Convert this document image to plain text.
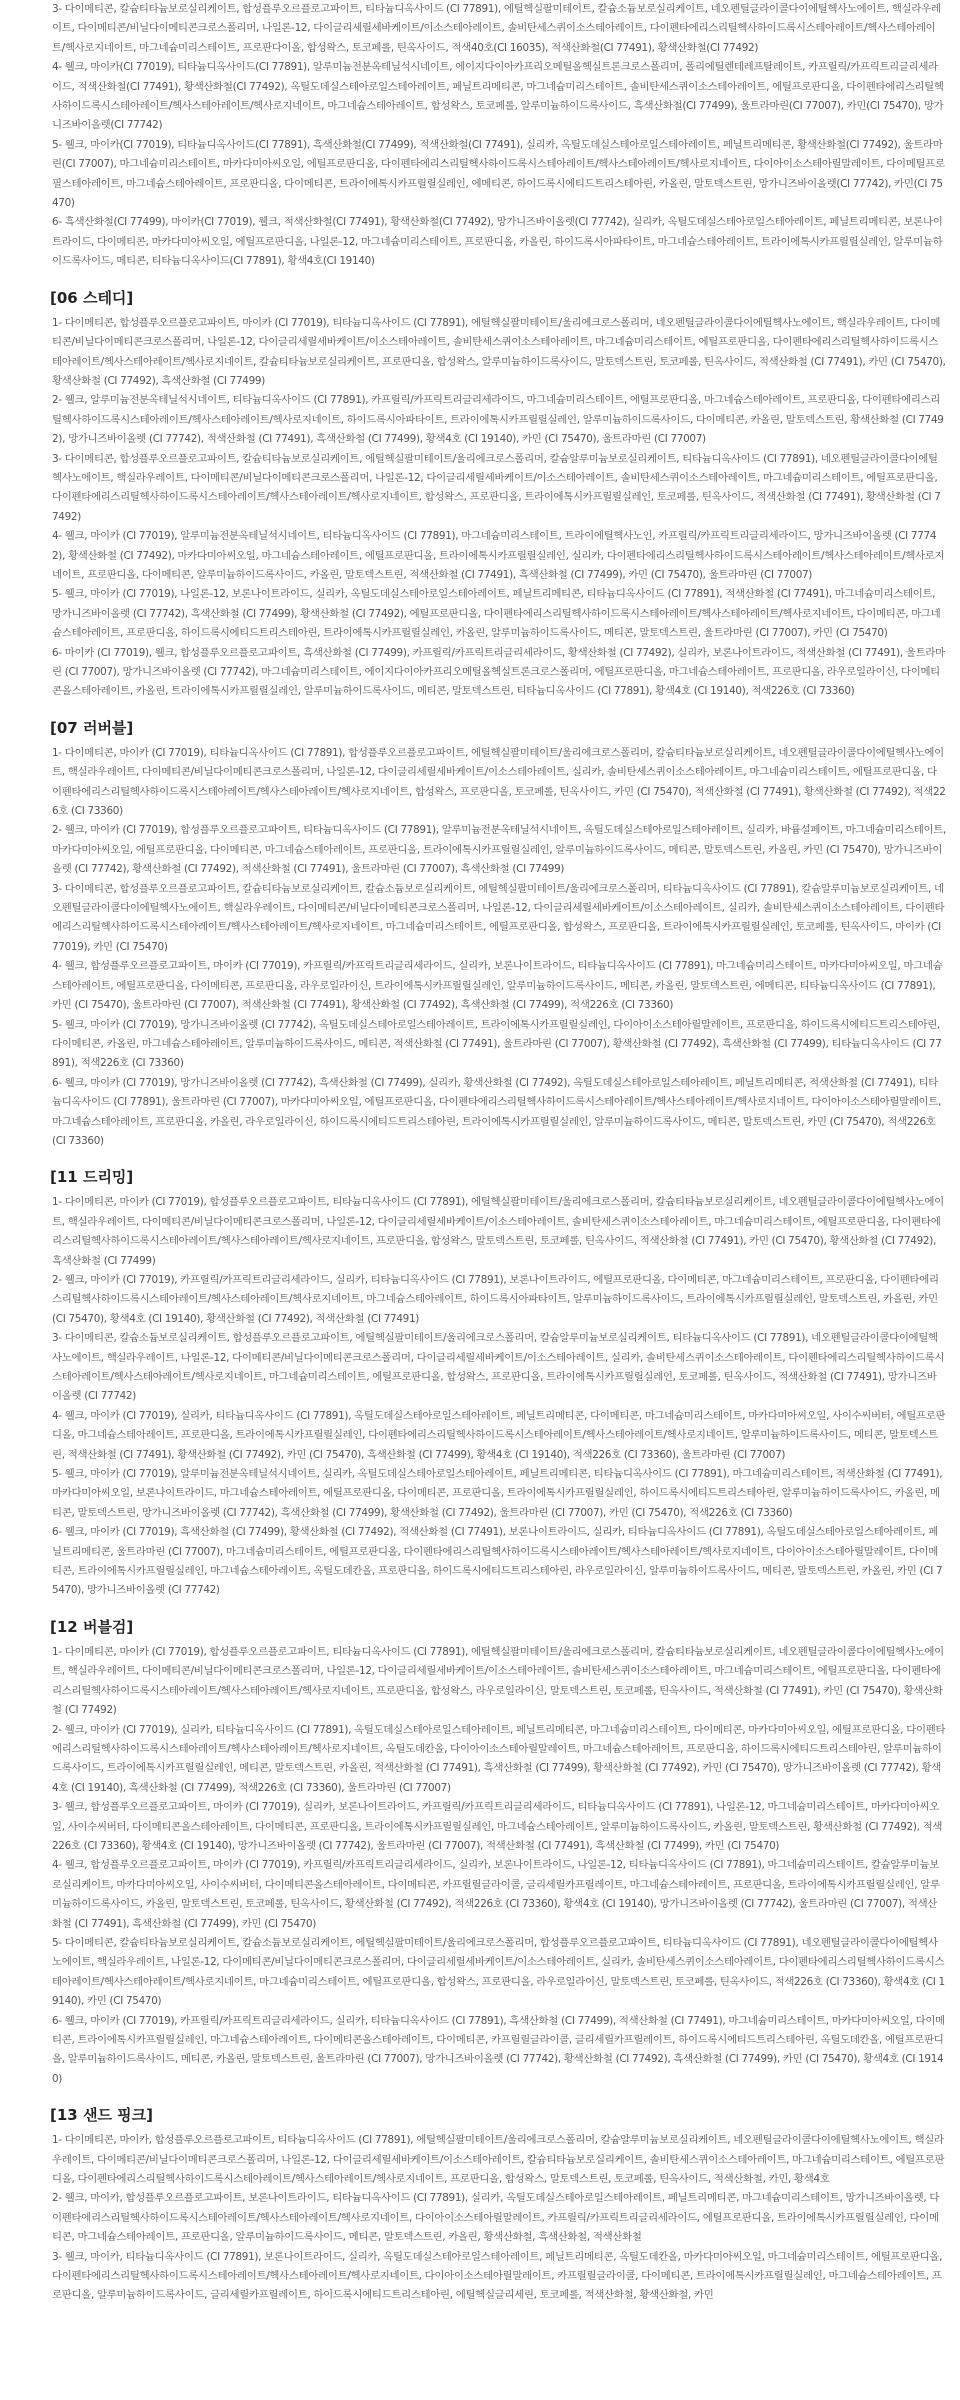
3- 다이메티콘, 칼슘티타늄보로실리케이트, 합성플루오르플로고파이트, 티타늄디옥사이드 (CI 77891), 에틸헥실팔미테이트, 칼슘소듐보로실리케이트, 네오펜틸글라이콜다이에틸헥사노에이트, 핵실라우레이트, 다이메티콘/비닐다이메티콘크로스폴리머, 나일론-12, 다이글리세릴세바케이트/이소스테아레이트, 솔비탄세스퀴이소스테아레이트, 다이펜타에리스리틸헥사하이드록시스테아레이트/헥사스테아레이트/헥사로지네이트, 마그네슘미리스테이트, 프로판다이올, 합성왁스, 토코페롤, 틴옥사이드, 적색40호(CI 16035), 적색산화철(CI 77491), 황색산화철(CI 77492)

4- 웰크, 마이카(CI 77019), 티타늄디옥사이드(CI 77891), 알루미늄전분옥테닐석시네이트, 에이지다이아카프리오메틸올헥실트론크로스폴리머, 폴리에틸렌테레프탈레이트, 카프릴릭/카프릭트리글리세라이드, 적색산화철(CI 77491), 황색산화철(CI 77492), 옥틸도데실스테아로일스테아레이트, 페닐트리메티콘, 마그네슘미리스테이트, 솔비탄세스퀴이소스테아레이트, 에틸프로판디올, 다이펜타에리스리틸헥사하이드록시스테아레이트/헥사스테아레이트/헥사로지네이트, 마그네슘스테아레이트, 합성왁스, 토코페롤, 알루미늄하이드록사이드, 흑색산화철(CI 77499), 울트라마린(CI 77007), 카민(CI 75470), 망가니즈바이올렛(CI 77742)

5- 웰크, 마이카(CI 77019), 티타늄디옥사이드(CI 77891), 흑색산화철(CI 77499), 적색산화철(CI 77491), 실리카, 옥틸도데실스테아로일스테아레이트, 페닐트리메티콘, 황색산화철(CI 77492), 울트라마린(CI 77007), 마그네슘미리스테이트, 마카다미아씨오일, 에틸프로판디올, 다이펜타에리스리틸헥사하이드록시스테아레이트/헥사스테아레이트/헥사로지네이트, 다이아이소스테아릴말레이트, 다이메틸프로필스테아레이트, 마그네슘스테아레이트, 프로판디올, 다이메티콘, 트라이에톡시카프릴릴실레인, 에메티콘, 하이드록시에티드트리스테아린, 카올린, 말토덱스트린, 망가니즈바이올렛(CI 77742), 카민(CI 75470)

6- 흑색산화철(CI 77499), 마이카(CI 77019), 웰크, 적색산화철(CI 77491), 황색산화철(CI 77492), 망가니즈바이올렛(CI 77742), 실리카, 옥틸도데실스테아로일스테아레이트, 페닐트리메티콘, 보론나이트라이드, 다이메티콘, 마카다미아씨오일, 에틸프로판디올, 나일론-12, 마그네슘미리스테이트, 프로판디올, 카올린, 하이드록시아파타이트, 마그네슘스테아레이트, 트라이에톡시카프릴릴실레인, 알루미늄하이드록사이드, 메티콘, 티타늄디옥사이드(CI 77891), 황색4호(CI 19140)

[06 스테디]

1- 다이메티콘, 합성플루오르플로고파이트, 마이카 (CI 77019), 티타늄디옥사이드 (CI 77891), 에틸헥실팔미테이트/울리에크로스폴리머, 네오펜틸글라이콜다이에틸헥사노에이트, 핵실라우레이트, 다이메티콘/비닐다이메티콘크로스폴리머, 나일론-12, 다이글리세릴세바케이트/이소스테아레이트, 솔비탄세스퀴이소스테아레이트, 마그네슘미리스테이트, 에틸프로판디올, 다이펜타에리스리틸헥사하이드록시스테아레이트/헥사스테아레이트/헥사로지네이트, 칼슘티타늄보로실리케이트, 프로판디올, 합성왁스, 알루미늄하이드록사이드, 말토덱스트린, 토코페롤, 틴옥사이드, 적색산화철 (CI 77491), 카민 (CI 75470), 황색산화철 (CI 77492), 흑색산화철 (CI 77499)

2- 웰크, 알루미늄전분옥테닐석시네이트, 티타늄디옥사이드 (CI 77891), 카프릴릭/카프릭트리글리세라이드, 마그네슘미리스테이트, 에틸프로판디올, 마그네슘스테아레이트, 프로판디올, 다이펜타에리스리틸헥사하이드록시스테아레이트/헥사스테아레이트/헥사로지네이트, 하이드록시아파타이트, 트라이에톡시카프릴릴실레인, 알루미늄하이드록사이드, 다이메티콘, 카올린, 말토덱스트린, 황색산화철 (CI 77492), 망가니즈바이올렛 (CI 77742), 적색산화철 (CI 77491), 흑색산화철 (CI 77499), 황색4호 (CI 19140), 카민 (CI 75470), 울트라마린 (CI 77007)

3- 다이메티콘, 합성플루오르플로고파이트, 칼슘티타늄보로실리케이트, 에틸헥실팔미테이트/울리에크로스폴리머, 칼슘알루미늄보로실리케이트, 티타늄디옥사이드 (CI 77891), 네오펜틸글라이콜다이에틸헥사노에이트, 핵실라우레이트, 다이메티콘/비닐다이메티콘크로스폴리머, 나일론-12, 다이글리세릴세바케이트/이소스테아레이트, 솔비탄세스퀴이소스테아레이트, 마그네슘미리스테이트, 에틸프로판디올, 다이펜타에리스리틸헥사하이드록시스테아레이트/헥사스테아레이트/헥사로지네이트, 합성왁스, 프로판디올, 트라이에톡시카프릴릴실레인, 토코페롤, 틴옥사이드, 적색산화철 (CI 77491), 황색산화철 (CI 77492)

4- 웰크, 마이카 (CI 77019), 알루미늄전분옥테닐석시네이트, 티타늄디옥사이드 (CI 77891), 마그네슘미리스테이트, 트라이에틸헥사노인, 카프릴릭/카프릭트리글리세라이드, 망가니즈바이올렛 (CI 77742), 황색산화철 (CI 77492), 마카다미아씨오일, 마그네슘스테아레이트, 에틸프로판디올, 트라이에톡시카프릴릴실레인, 실리카, 다이펜타에리스리틸헥사하이드록시스테아레이트/헥사스테아레이트/헥사로지네이트, 프로판디올, 다이메티콘, 알루미늄하이드록사이드, 카올린, 말토덱스트린, 적색산화철 (CI 77491), 흑색산화철 (CI 77499), 카민 (CI 75470), 울트라마린 (CI 77007)

5- 웰크, 마이카 (CI 77019), 나일론-12, 보론나이트라이드, 실리카, 옥틸도데실스테아로일스테아레이트, 페닐트리메티콘, 티타늄디옥사이드 (CI 77891), 적색산화철 (CI 77491), 마그네슘미리스테이트, 망가니즈바이올렛 (CI 77742), 흑색산화철 (CI 77499), 황색산화철 (CI 77492), 에틸프로판디올, 다이펜타에리스리틸헥사하이드록시스테아레이트/헥사스테아레이트/헥사로지네이트, 다이메티콘, 마그네슘스테아레이트, 프로판디올, 하이드록시에티드트리스테아린, 트라이에톡시카프릴릴실레인, 카올린, 알루미늄하이드록사이드, 메티콘, 말토덱스트린, 울트라마린 (CI 77007), 카민 (CI 75470)

6- 마이카 (CI 77019), 웰크, 합성플루오르플로고파이트, 흑색산화철 (CI 77499), 카프릴릭/카프릭트리글리세라이드, 황색산화철 (CI 77492), 실리카, 보론나이트라이드, 적색산화철 (CI 77491), 울트라마린 (CI 77007), 망가니즈바이올렛 (CI 77742), 마그네슘미리스테이트, 에이지다이아카프리오메틸올헥실트론크로스폴리머, 에틸프로판디올, 마그네슘스테아레이트, 프로판디올, 라우로일라이신, 다이메티콘올스테아레이트, 카올린, 트라이에톡시카프릴릴실레인, 알루미늄하이드록사이드, 메티콘, 말토덱스트린, 티타늄디옥사이드 (CI 77891), 황색4호 (CI 19140), 적색226호 (CI 73360)

[07 러버블]

1- 다이메티콘, 마이카 (CI 77019), 티타늄디옥사이드 (CI 77891), 합성플루오르플로고파이트, 에틸헥실팔미테이트/울리에크로스폴리머, 칼슘티타늄보로실리케이트, 네오펜틸글라이콜다이에틸헥사노에이트, 핵실라우레이트, 다이메티콘/비닐다이메티콘크로스폴리머, 나일론-12, 다이글리세릴세바케이트/이소스테아레이트, 실리카, 솔비탄세스퀴이소스테아레이트, 마그네슘미리스테이트, 에틸프로판디올, 다이펜타에리스리틸헥사하이드록시스테아레이트/헥사스테아레이트/헥사로지네이트, 합성왁스, 프로판디올, 토코페롤, 틴옥사이드, 카민 (CI 75470), 적색산화철 (CI 77491), 황색산화철 (CI 77492), 적색226호 (CI 73360)

2- 웰크, 마이카 (CI 77019), 합성플루오르플로고파이트, 티타늄디옥사이드 (CI 77891), 알루미늄전분옥테닐석시네이트, 옥틸도데실스테아로일스테아레이트, 실리카, 바륨설페이트, 마그네슘미리스테이트, 마카다미아씨오일, 에틸프로판디올, 다이메티콘, 마그네슘스테아레이트, 프로판디올, 트라이에톡시카프릴릴실레인, 알루미늄하이드록사이드, 메티콘, 말토덱스트린, 카올린, 카민 (CI 75470), 망가니즈바이올렛 (CI 77742), 황색산화철 (CI 77492), 적색산화철 (CI 77491), 울트라마린 (CI 77007), 흑색산화철 (CI 77499)

3- 다이메티콘, 합성플루오르플로고파이트, 칼슘티타늄보로실리케이트, 칼슘소듐보로실리케이트, 에틸헥실팔미테이트/울리에크로스폴리머, 티타늄디옥사이드 (CI 77891), 칼슘알루미늄보로실리케이트, 네오펜틸글라이콜다이에틸헥사노에이트, 핵실라우레이트, 다이메티콘/비닐다이메티콘크로스폴리머, 나일론-12, 다이글리세릴세바케이트/이소스테아레이트, 실리카, 솔비탄세스퀴이소스테아레이트, 다이펜타에리스리틸헥사하이드록시스테아레이트/헥사스테아레이트/헥사로지네이트, 마그네슘미리스테이트, 에틸프로판디올, 합성왁스, 프로판디올, 트라이에톡시카프릴릴실레인, 토코페롤, 틴옥사이드, 마이카 (CI 77019), 카민 (CI 75470)

4- 웰크, 합성플루오르플로고파이트, 마이카 (CI 77019), 카프릴릭/카프릭트리글리세라이드, 실리카, 보론나이트라이드, 티타늄디옥사이드 (CI 77891), 마그네슘미리스테이트, 마카다미아씨오일, 마그네슘스테아레이트, 에틸프로판디올, 다이메티콘, 프로판디올, 라우로일라이신, 트라이에톡시카프릴릴실레인, 알루미늄하이드록사이드, 메티콘, 카올린, 말토덱스트린, 에메티콘, 티타늄디옥사이드 (CI 77891), 카민 (CI 75470), 울트라마린 (CI 77007), 적색산화철 (CI 77491), 황색산화철 (CI 77492), 흑색산화철 (CI 77499), 적색226호 (CI 73360)

5- 웰크, 마이카 (CI 77019), 망가니즈바이올렛 (CI 77742), 옥틸도데실스테아로일스테아레이트, 트라이에톡시카프릴릴실레인, 다이아이소스테아릴말레이트, 프로판디올, 하이드록시에티드트리스테아린, 다이메티콘, 카올린, 마그네슘스테아레이트, 알루미늄하이드록사이드, 메티콘, 적색산화철 (CI 77491), 울트라마린 (CI 77007), 황색산화철 (CI 77492), 흑색산화철 (CI 77499), 티타늄디옥사이드 (CI 77891), 적색226호 (CI 73360)

6- 웰크, 마이카 (CI 77019), 망가니즈바이올렛 (CI 77742), 흑색산화철 (CI 77499), 실리카, 황색산화철 (CI 77492), 옥틸도데실스테아로일스테아레이트, 페닐트리메티콘, 적색산화철 (CI 77491), 티타늄디옥사이드 (CI 77891), 울트라마린 (CI 77007), 마카다미아씨오일, 에틸프로판디올, 다이펜타에리스리틸헥사하이드록시스테아레이트/헥사스테아레이트/헥사로지네이트, 다이아이소스테아릴말레이트, 마그네슘스테아레이트, 프로판디올, 카올린, 라우로일라이신, 하이드록시에티드트리스테아린, 트라이에톡시카프릴릴실레인, 알루미늄하이드록사이드, 메티콘, 말토덱스트린, 카민 (CI 75470), 적색226호 (CI 73360)

[11 드리밍]

1- 다이메티콘, 마이카 (CI 77019), 합성플루오르플로고파이트, 티타늄디옥사이드 (CI 77891), 에틸헥실팔미테이트/울리에크로스폴리머, 칼슘티타늄보로실리케이트, 네오펜틸글라이콜다이에틸헥사노에이트, 핵실라우레이트, 다이메티콘/비닐다이메티콘크로스폴리머, 나일론-12, 다이글리세릴세바케이트/이소스테아레이트, 솔비탄세스퀴이소스테아레이트, 마그네슘미리스테이트, 에틸프로판디올, 다이펜타에리스리틸헥사하이드록시스테아레이트/헥사스테아레이트/헥사로지네이트, 프로판디올, 합성왁스, 말토덱스트린, 토코페롤, 틴옥사이드, 적색산화철 (CI 77491), 카민 (CI 75470), 황색산화철 (CI 77492), 흑색산화철 (CI 77499)

2- 웰크, 마이카 (CI 77019), 카프릴릭/카프릭트리글리세라이드, 실리카, 티타늄디옥사이드 (CI 77891), 보론나이트라이드, 에틸프로판디올, 다이메티콘, 마그네슘미리스테이트, 프로판디올, 다이펜타에리스리틸헥사하이드록시스테아레이트/헥사스테아레이트/헥사로지네이트, 마그네슘스테아레이트, 하이드록시아파타이트, 알루미늄하이드록사이드, 트라이에톡시카프릴릴실레인, 말토덱스트린, 카올린, 카민 (CI 75470), 황색4호 (CI 19140), 황색산화철 (CI 77492), 적색산화철 (CI 77491)

3- 다이메티콘, 칼슘소듐보로실리케이트, 합성플루오르플로고파이트, 에틸헥실팔미테이트/울리에크로스폴리머, 칼슘알루미늄보로실리케이트, 티타늄디옥사이드 (CI 77891), 네오펜틸글라이콜다이에틸헥사노에이트, 핵실라우레이트, 나일론-12, 다이메티콘/비닐다이메티콘크로스폴리머, 다이글리세릴세바케이트/이소스테아레이트, 실리카, 솔비탄세스퀴이소스테아레이트, 다이펜타에리스리틸헥사하이드록시스테아레이트/헥사스테아레이트/헥사로지네이트, 마그네슘미리스테이트, 에틸프로판디올, 합성왁스, 프로판디올, 트라이에톡시카프릴릴실레인, 토코페롤, 틴옥사이드, 적색산화철 (CI 77491), 망가니즈바이올렛 (CI 77742)

4- 웰크, 마이카 (CI 77019), 실리카, 티타늄디옥사이드 (CI 77891), 옥틸도데실스테아로일스테아레이트, 페닐트리메티콘, 다이메티콘, 마그네슘미리스테이트, 마카다미아씨오일, 사이수씨버터, 에틸프로판디올, 마그네슘스테아레이트, 프로판디올, 트라이에톡시카프릴릴실레인, 다이펜타에리스리틸헥사하이드록시스테아레이트/헥사스테아레이트/헥사로지네이트, 알루미늄하이드록사이드, 메티콘, 말토덱스트린, 적색산화철 (CI 77491), 황색산화철 (CI 77492), 카민 (CI 75470), 흑색산화철 (CI 77499), 황색4호 (CI 19140), 적색226호 (CI 73360), 울트라마린 (CI 77007)

5- 웰크, 마이카 (CI 77019), 알루미늄전분옥테닐석시네이트, 실리카, 옥틸도데실스테아로일스테아레이트, 페닐트리메티콘, 티타늄디옥사이드 (CI 77891), 마그네슘미리스테이트, 적색산화철 (CI 77491), 마카다미아씨오일, 보론나이트라이드, 마그네슘스테아레이트, 에틸프로판디올, 다이메티콘, 프로판디올, 트라이에톡시카프릴릴실레인, 하이드록시에티드트리스테아린, 알루미늄하이드록사이드, 카올린, 메티콘, 말토덱스트린, 망가니즈바이올렛 (CI 77742), 흑색산화철 (CI 77499), 황색산화철 (CI 77492), 울트라마린 (CI 77007), 카민 (CI 75470), 적색226호 (CI 73360)

6- 웰크, 마이카 (CI 77019), 흑색산화철 (CI 77499), 황색산화철 (CI 77492), 적색산화철 (CI 77491), 보론나이트라이드, 실리카, 티타늄디옥사이드 (CI 77891), 옥틸도데실스테아로일스테아레이트, 페닐트리메티콘, 울트라마린 (CI 77007), 마그네슘미리스테이트, 에틸프로판디올, 다이펜타에리스리틸헥사하이드록시스테아레이트/헥사스테아레이트/헥사로지네이트, 다이아이소스테아릴말레이트, 다이메티콘, 트라이에톡시카프릴릴실레인, 마그네슘스테아레이트, 옥틸도데칸올, 프로판디올, 하이드록시에티드트리스테아린, 라우로일라이신, 알루미늄하이드록사이드, 메티콘, 말토덱스트린, 카올린, 카민 (CI 75470), 망가니즈바이올렛 (CI 77742)

[12 버블검]

1- 다이메티콘, 마이카 (CI 77019), 합성플루오르플로고파이트, 티타늄디옥사이드 (CI 77891), 에틸헥실팔미테이트/울리에크로스폴리머, 칼슘티타늄보로실리케이트, 네오펜틸글라이콜다이에틸헥사노에이트, 핵실라우레이트, 다이메티콘/비닐다이메티콘크로스폴리머, 나일론-12, 다이글리세릴세바케이트/이소스테아레이트, 솔비탄세스퀴이소스테아레이트, 마그네슘미리스테이트, 에틸프로판디올, 다이펜타에리스리틸헥사하이드록시스테아레이트/헥사스테아레이트/헥사로지네이트, 프로판디올, 합성왁스, 라우로일라이신, 말토덱스트린, 토코페롤, 틴옥사이드, 적색산화철 (CI 77491), 카민 (CI 75470), 황색산화철 (CI 77492)

2- 웰크, 마이카 (CI 77019), 실리카, 티타늄디옥사이드 (CI 77891), 옥틸도데실스테아로일스테아레이트, 페닐트리메티콘, 마그네슘미리스테이트, 다이메티콘, 마카다미아씨오일, 에틸프로판디올, 다이펜타에리스리틸헥사하이드록시스테아레이트/헥사스테아레이트/헥사로지네이트, 옥틸도데칸올, 다이아이소스테아릴말레이트, 마그네슘스테아레이트, 프로판디올, 하이드록시에티드트리스테아린, 알루미늄하이드록사이드, 트라이에톡시카프릴릴실레인, 메티콘, 말토덱스트린, 카올린, 적색산화철 (CI 77491), 흑색산화철 (CI 77499), 황색산화철 (CI 77492), 카민 (CI 75470), 망가니즈바이올렛 (CI 77742), 황색4호 (CI 19140), 흑색산화철 (CI 77499), 적색226호 (CI 73360), 울트라마린 (CI 77007)

3- 웰크, 합성플루오르플로고파이트, 마이카 (CI 77019), 실리카, 보론나이트라이드, 카프릴릭/카프릭트리글리세라이드, 티타늄디옥사이드 (CI 77891), 나일론-12, 마그네슘미리스테이트, 마카다미아씨오일, 사이수씨버터, 다이메티콘올스테아레이트, 다이메티콘, 프로판디올, 트라이에톡시카프릴릴실레인, 마그네슘스테아레이트, 알루미늄하이드록사이드, 카올린, 말토덱스트린, 황색산화철 (CI 77492), 적색226호 (CI 73360), 황색4호 (CI 19140), 망가니즈바이올렛 (CI 77742), 울트라마린 (CI 77007), 적색산화철 (CI 77491), 흑색산화철 (CI 77499), 카민 (CI 75470)

4- 웰크, 합성플루오르플로고파이트, 마이카 (CI 77019), 카프릴릭/카프릭트리글리세라이드, 실리카, 보론나이트라이드, 나일론-12, 티타늄디옥사이드 (CI 77891), 마그네슘미리스테이트, 칼슘알루미늄보로실리케이트, 마카다미아씨오일, 사이수씨버터, 다이메티콘올스테아레이트, 다이메티콘, 카프릴릴글라이콜, 글리세릴카프릴레이트, 마그네슘스테아레이트, 프로판디올, 트라이에톡시카프릴릴실레인, 알루미늄하이드록사이드, 카올린, 말토덱스트린, 토코페롤, 틴옥사이드, 황색산화철 (CI 77492), 적색226호 (CI 73360), 황색4호 (CI 19140), 망가니즈바이올렛 (CI 77742), 울트라마린 (CI 77007), 적색산화철 (CI 77491), 흑색산화철 (CI 77499), 카민 (CI 75470)

5- 다이메티콘, 칼슘티타늄보로실리케이트, 칼슘소듐보로실리케이트, 에틸헥실팔미테이트/울리에크로스폴리머, 합성플루오르플로고파이트, 티타늄디옥사이드 (CI 77891), 네오펜틸글라이콜다이에틸헥사노에이트, 핵실라우레이트, 나일론-12, 다이메티콘/비닐다이메티콘크로스폴리머, 다이글리세릴세바케이트/이소스테아레이트, 실리카, 솔비탄세스퀴이소스테아레이트, 다이펜타에리스리틸헥사하이드록시스테아레이트/헥사스테아레이트/헥사로지네이트, 마그네슘미리스테이트, 에틸프로판디올, 합성왁스, 프로판디올, 라우로일라이신, 말토덱스트린, 토코페롤, 틴옥사이드, 적색226호 (CI 73360), 황색4호 (CI 19140), 카민 (CI 75470)

6- 웰크, 마이카 (CI 77019), 카프릴릭/카프릭트리글리세라이드, 실리카, 티타늄디옥사이드 (CI 77891), 흑색산화철 (CI 77499), 적색산화철 (CI 77491), 마그네슘미리스테이트, 마카다미아씨오일, 다이메티콘, 트라이에톡시카프릴릴실레인, 마그네슘스테아레이트, 다이메티콘올스테아레이트, 다이메티콘, 카프릴릴글라이콜, 글리세릴카프릴레이트, 하이드록시에티드트리스테아린, 옥틸도데칸올, 에틸프로판디올, 알루미늄하이드록사이드, 메티콘, 카올린, 말토덱스트린, 울트라마린 (CI 77007), 망가니즈바이올렛 (CI 77742), 황색산화철 (CI 77492), 흑색산화철 (CI 77499), 카민 (CI 75470), 황색4호 (CI 19140)

[13 샌드 핑크]

1- 다이메티콘, 마이카, 합성플루오르플로고파이트, 티타늄디옥사이드 (CI 77891), 에틸헥실팔미테이트/울리에크로스폴리머, 칼슘알루미늄보로실리케이트, 네오펜틸글라이콜다이에틸헥사노에이트, 핵실라우레이트, 다이메티콘/비닐다이메티콘크로스폴리머, 나일론-12, 다이글리세릴세바케이트/이소스테아레이트, 칼슘티타늄보로실리케이트, 솔비탄세스퀴이소스테아레이트, 마그네슘미리스테이트, 에틸프로판디올, 다이펜타에리스리틸헥사하이드록시스테아레이트/헥사스테아레이트/헥사로지네이트, 프로판디올, 합성왁스, 말토덱스트린, 토코페롤, 틴옥사이드, 적색산화철, 카민, 황색4호

2- 웰크, 마이카, 합성플루오르플로고파이트, 보론나이트라이드, 티타늄디옥사이드 (CI 77891), 실리카, 옥틸도데실스테아로일스테아레이트, 페닐트리메티콘, 마그네슘미리스테이트, 망가니즈바이올렛, 다이펜타에리스리틸헥사하이드록시스테아레이트/헥사스테아레이트/헥사로지네이트, 다이아이소스테아릴말레이트, 카프릴릭/카프릭트리글리세라이드, 에틸프로판디올, 트라이에톡시카프릴릴실레인, 다이메티콘, 마그네슘스테아레이트, 프로판디올, 알루미늄하이드록사이드, 메티콘, 말토덱스트린, 카올린, 황색산화철, 흑색산화철, 적색산화철

3- 웰크, 마이카, 티타늄디옥사이드 (CI 77891), 보론나이트라이드, 실리카, 옥틸도데실스테아로일스테아레이트, 페닐트리메티콘, 옥틸도데칸올, 마카다미아씨오일, 마그네슘미리스테이트, 에틸프로판디올, 다이펜타에리스리틸헥사하이드록시스테아레이트/헥사스테아레이트/헥사로지네이트, 다이아이소스테아릴말레이트, 카프릴릴글라이콜, 다이메티콘, 트라이에톡시카프릴릴실레인, 마그네슘스테아레이트, 프로판디올, 알루미늄하이드록사이드, 글리세릴카프릴레이트, 하이드록시에티드트리스테아린, 에틸헥실글리세린, 토코페롤, 적색산화철, 황색산화철, 카민
